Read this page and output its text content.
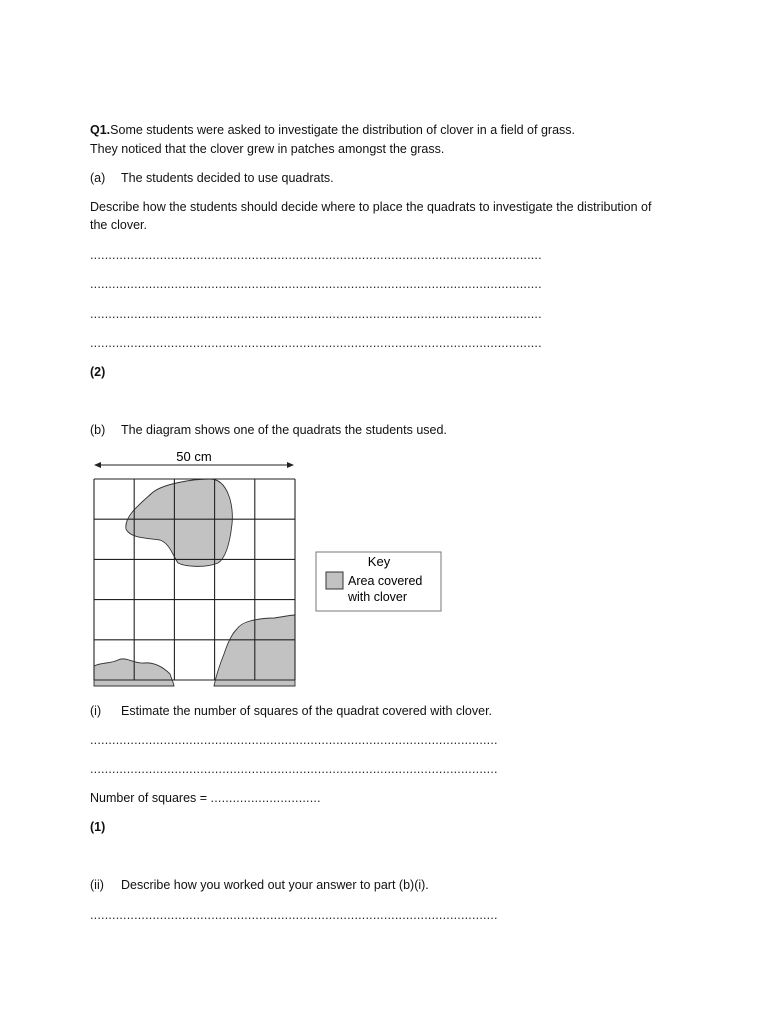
Q1.Some students were asked to investigate the distribution of clover in a field of grass.
They noticed that the clover grew in patches amongst the grass.
(a) The students decided to use quadrats.
Describe how the students should decide where to place the quadrats to investigate the distribution of
the clover.
...........................................................................................................................
...........................................................................................................................
...........................................................................................................................
...........................................................................................................................
(2)
(b) The diagram shows one of the quadrats the students used.
(i) Estimate the number of squares of the quadrat covered with clover.
...............................................................................................................
...............................................................................................................
Number of squares = ..............................
(1)
(ii) Describe how you worked out your answer to part (b)(i).
...............................................................................................................
50 cm
Key
Area covered
with clover
